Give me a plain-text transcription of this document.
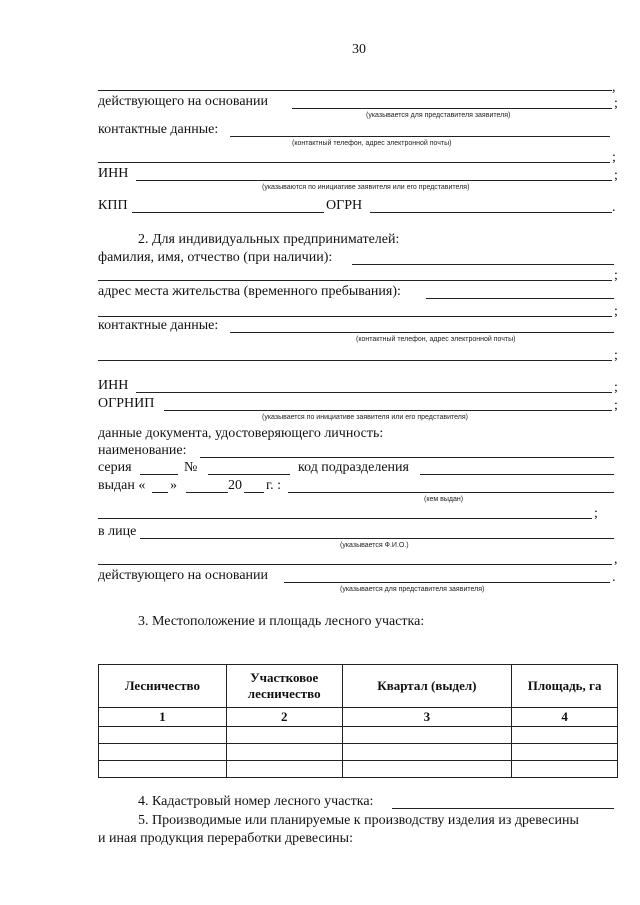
30
,
действующего на основании	;
(указывается для представителя заявителя)
контактные данные:
(контактный телефон, адрес электронной почты)
;
ИНН	;
(указываются по инициативе заявителя или его представителя)
КПП	ОГРН	.
2. Для индивидуальных предпринимателей:
фамилия, имя, отчество (при наличии):
;
адрес места жительства (временного пребывания):
;
контактные данные:
(контактный телефон, адрес электронной почты)
;
ИНН	;
ОГРНИП	;
(указывается по инициативе заявителя или его представителя)
данные документа, удостоверяющего личность:
наименование:
серия	№	код подразделения
выдан « »	20 г. :
(кем выдан)
;
в лице
(указывается Ф.И.О.)
,
действующего на основании	.
(указывается для представителя заявителя)
3. Местоположение и площадь лесного участка:
Лесничество	Участковое лесничество	Квартал (выдел)	Площадь, га
1	2	3	4

4. Кадастровый номер лесного участка:
5. Производимые или планируемые к производству изделия из древесины
и иная продукция переработки древесины:
